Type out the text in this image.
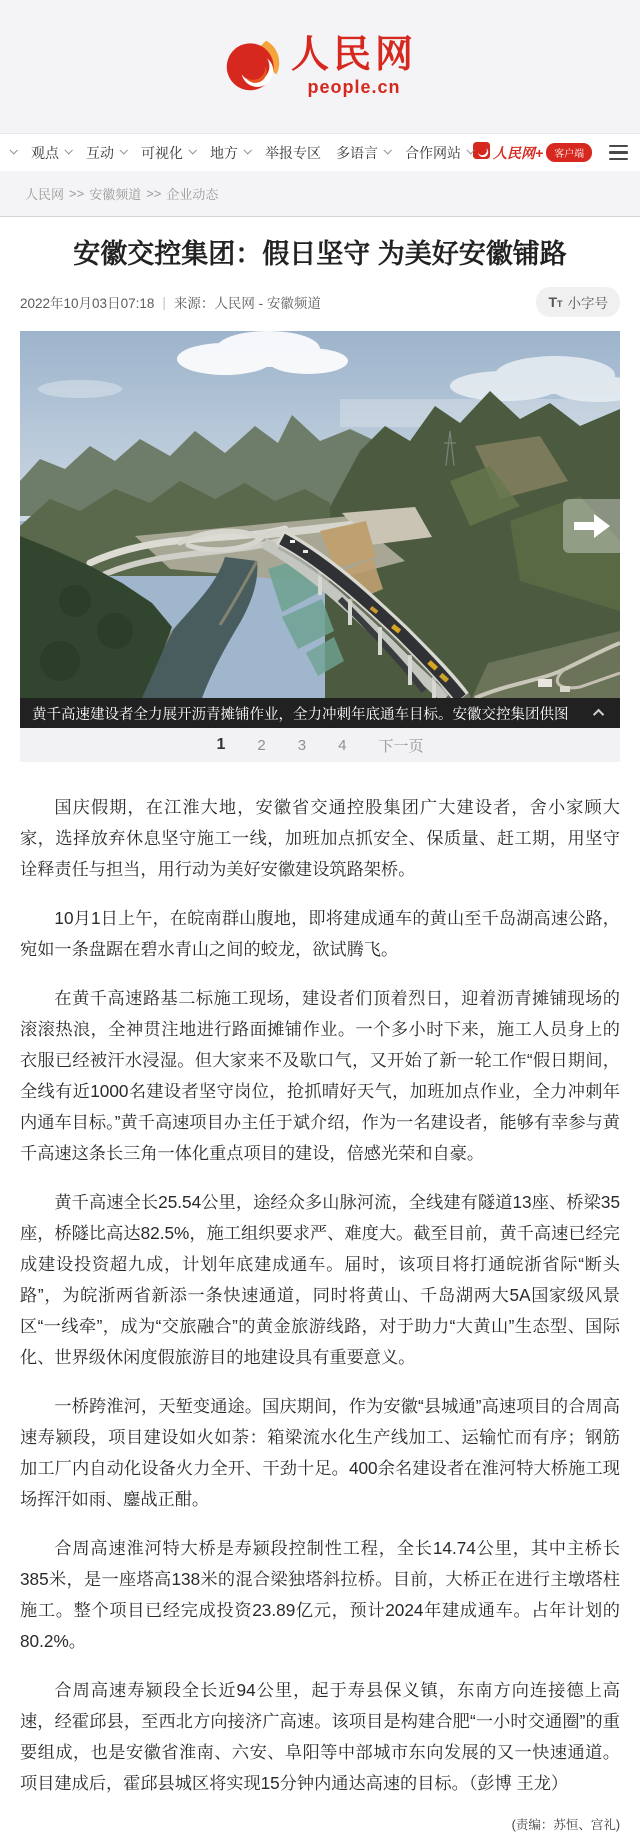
人民网
people.cn
观点 互动 可视化 地方 举报专区 多语言 合作网站 人民网+	客户端
人民网 >> 安徽频道 >> 企业动态
安徽交控集团：假日坚守 为美好安徽铺路
2022年10月03日07:18 | 来源：人民网 - 安徽频道	T T 小字号
黄千高速建设者全力展开沥青摊铺作业，全力冲刺年底通车目标。安徽交控集团供图
1 2 3 4 下一页

国庆假期，在江淮大地，安徽省交通控股集团广大建设者，舍小家顾大家，选择放弃休息坚守施工一线，加班加点抓安全、保质量、赶工期，用坚守诠释责任与担当，用行动为美好安徽建设筑路架桥。

10月1日上午，在皖南群山腹地，即将建成通车的黄山至千岛湖高速公路，宛如一条盘踞在碧水青山之间的蛟龙，欲试腾飞。

在黄千高速路基二标施工现场，建设者们顶着烈日，迎着沥青摊铺现场的滚滚热浪，全神贯注地进行路面摊铺作业。一个多小时下来，施工人员身上的衣服已经被汗水浸湿。但大家来不及歇口气，又开始了新一轮工作“假日期间，全线有近1000名建设者坚守岗位，抢抓晴好天气，加班加点作业，全力冲刺年内通车目标。”黄千高速项目办主任于斌介绍，作为一名建设者，能够有幸参与黄千高速这条长三角一体化重点项目的建设，倍感光荣和自豪。

黄千高速全长25.54公里，途经众多山脉河流，全线建有隧道13座、桥梁35座，桥隧比高达82.5%，施工组织要求严、难度大。截至目前，黄千高速已经完成建设投资超九成，计划年底建成通车。届时，该项目将打通皖浙省际“断头路”，为皖浙两省新添一条快速通道，同时将黄山、千岛湖两大5A国家级风景区“一线牵”，成为“交旅融合”的黄金旅游线路，对于助力“大黄山”生态型、国际化、世界级休闲度假旅游目的地建设具有重要意义。

一桥跨淮河，天堑变通途。国庆期间，作为安徽“县城通”高速项目的合周高速寿颍段，项目建设如火如荼：箱梁流水化生产线加工、运输忙而有序；钢筋加工厂内自动化设备火力全开、干劲十足。400余名建设者在淮河特大桥施工现场挥汗如雨、鏖战正酣。

合周高速淮河特大桥是寿颍段控制性工程，全长14.74公里，其中主桥长385米，是一座塔高138米的混合梁独塔斜拉桥。目前，大桥正在进行主墩塔柱施工。整个项目已经完成投资23.89亿元，预计2024年建成通车。占年计划的80.2%。

合周高速寿颍段全长近94公里，起于寿县保义镇，东南方向连接德上高速，经霍邱县，至西北方向接济广高速。该项目是构建合肥“一小时交通圈”的重要组成，也是安徽省淮南、六安、阜阳等中部城市东向发展的又一快速通道。项目建成后，霍邱县城区将实现15分钟内通达高速的目标。（彭博 王龙）

(责编：苏恒、宫礼)
